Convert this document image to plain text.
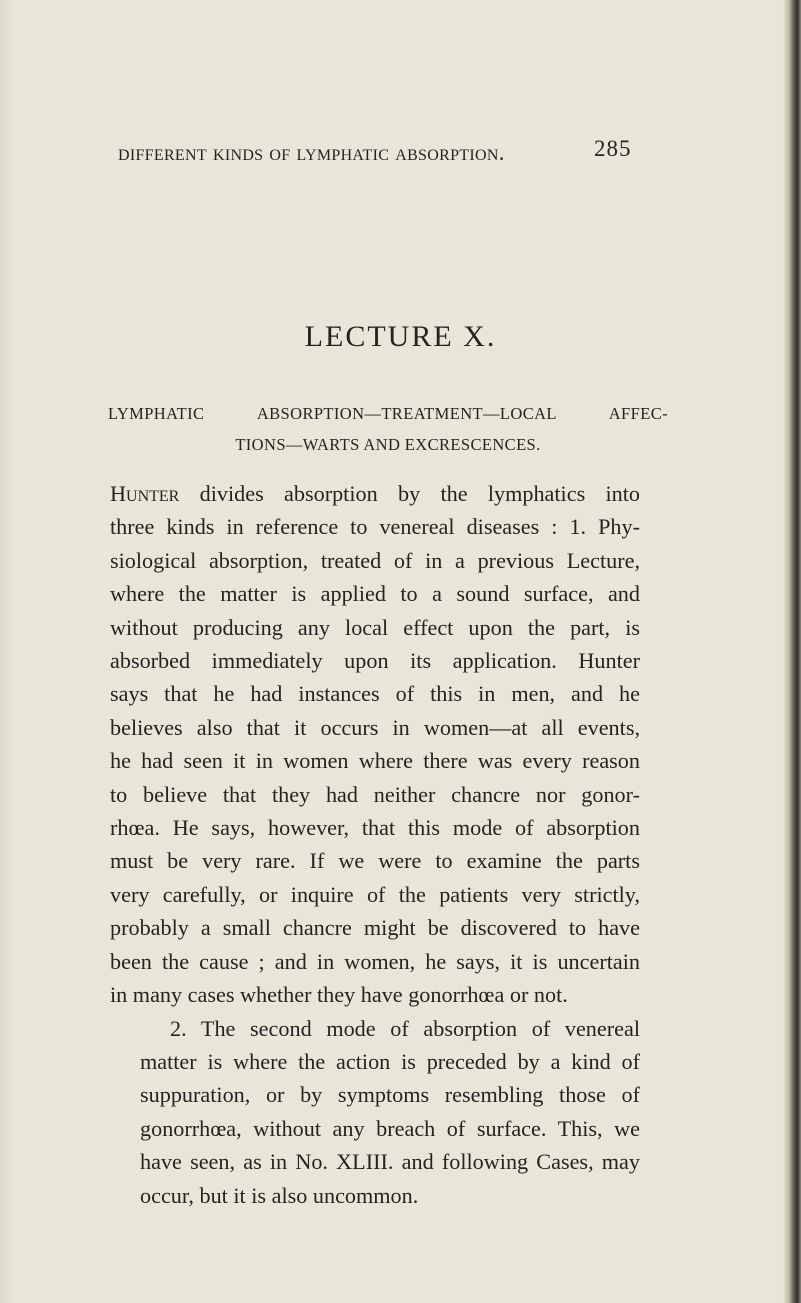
different kinds of lymphatic absorption.	285
LECTURE X.
LYMPHATIC ABSORPTION—TREATMENT—LOCAL AFFEC-
TIONS—WARTS AND EXCRESCENCES.

Hunter divides absorption by the lymphatics into
three kinds in reference to venereal diseases : 1. Phy-
siological absorption, treated of in a previous Lecture,
where the matter is applied to a sound surface, and
without producing any local effect upon the part, is
absorbed immediately upon its application. Hunter
says that he had instances of this in men, and he
believes also that it occurs in women—at all events,
he had seen it in women where there was every reason
to believe that they had neither chancre nor gonor-
rhœa. He says, however, that this mode of absorption
must be very rare. If we were to examine the parts
very carefully, or inquire of the patients very strictly,
probably a small chancre might be discovered to have
been the cause ; and in women, he says, it is uncertain
in many cases whether they have gonorrhœa or not.

2. The second mode of absorption of venereal
matter is where the action is preceded by a kind of
suppuration, or by symptoms resembling those of
gonorrhœa, without any breach of surface. This, we
have seen, as in No. XLIII. and following Cases, may
occur, but it is also uncommon.
